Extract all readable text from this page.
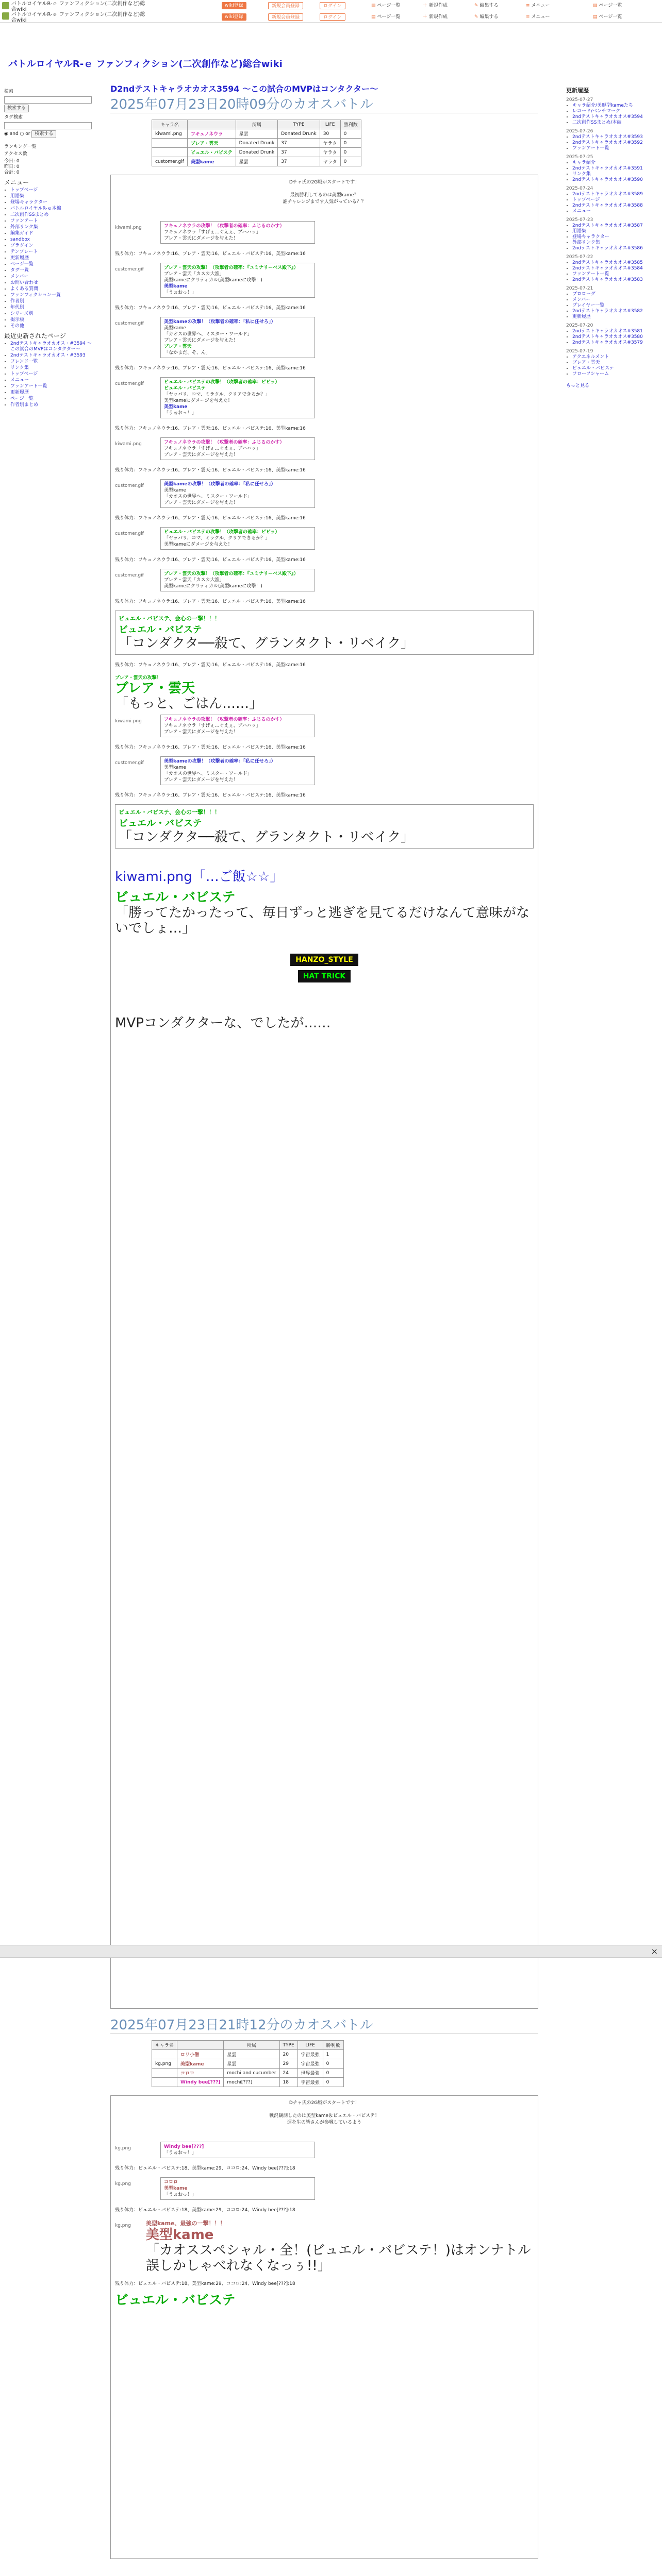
バトルロイヤルR-ｅ ファンフィクション(二次創作など)総合wiki
バトルロイヤルR-ｅ ファンフィクション(二次創作など)総合wiki
wiki登録	新規会員登録	ログイン	▤ ページ一覧	＋ 新規作成	✎ 編集する	≡ メニュー	▤ ページ一覧
wiki登録	新規会員登録	ログイン	▤ ページ一覧	＋ 新規作成	✎ 編集する	≡ メニュー	▤ ページ一覧
バトルロイヤルR-ｅ ファンフィクション(二次創作など)総合wiki
検索
検索する
タグ検索
◉ and ○ or 検索する
ランキング一覧
アクセス数
今日: 0
昨日: 0
合計: 0
メニュー
• トップページ
• 用語集
• 登場キャラクター
• バトルロイヤルR-ｅ本編
• 二次創作SSまとめ
• ファンアート
• 外部リンク集
• 編集ガイド
• sandbox
• プラグイン
• テンプレート
• 更新履歴
• ページ一覧
• タグ一覧
• メンバー
• お問い合わせ
• よくある質問
• ファンフィクション一覧
• 作者別
• 年代別
• シリーズ別
• 掲示板
• その他
最近更新されたページ
• 2ndテストキャラオカオス・#3594 ～この試合のMVPはコンタクター～
• 2ndテストキャラオカオス・#3593
• フレンド一覧
• リンク集
• トップページ
• メニュー
• ファンアート一覧
• 更新履歴
• ページ一覧
• 作者別まとめ
更新履歴
2025-07-27
• キャラ紹介/美形型kameたち
• レコード/ベンチマーク
• 2ndテストキャラオカオス#3594
• 二次創作SSまとめ/本編
2025-07-26
• 2ndテストキャラオカオス#3593
• 2ndテストキャラオカオス#3592
• ファンアート一覧
2025-07-25
• キャラ紹介
• 2ndテストキャラオカオス#3591
• リンク集
• 2ndテストキャラオカオス#3590
2025-07-24
• 2ndテストキャラオカオス#3589
• トップページ
• 2ndテストキャラオカオス#3588
• メニュー
2025-07-23
• 2ndテストキャラオカオス#3587
• 用語集
• 登場キャラクター
• 外部リンク集
• 2ndテストキャラオカオス#3586
2025-07-22
• 2ndテストキャラオカオス#3585
• 2ndテストキャラオカオス#3584
• ファンアート一覧
• 2ndテストキャラオカオス#3583
2025-07-21
• プロローグ
• メンバー
• プレイヤー一覧
• 2ndテストキャラオカオス#3582
• 更新履歴
2025-07-20
• 2ndテストキャラオカオス#3581
• 2ndテストキャラオカオス#3580
• 2ndテストキャラオカオス#3579
2025-07-19
• アクエネルメント
• ブレア・雲天
• ビュエル・バビステ
• フローフシャーム
もっと見る
D2ndテストキャラオカオス3594 ～この試合のMVPはコンタクター～
2025年07月23日20時09分のカオスバトル
キャラ名		所属	TYPE	LIFE	勝利数
kiwami.png	フキュノネウラ	星雲	Donated Drunk	30	0
	ブレア・雲天	Donated Drunk	37	ヤラタ	0
	ビュエル・バビステ	Donated Drunk	37	ヤラタ	0
customer.gif	美型kame	星雲	37	ヤラタ	0
Dチャ氏の2G戦がスタートです！
最初勝利してるのは美型kame？
誰チャレンジまです人気がっている？？
kiwami.png	フキュノネウラの攻撃！（攻撃者の確率：ふじるのかす）
フキュノネウラ「すげぇ…ぐえぇ、ア゙ハハッ」
ブレア・雲天にダメージを与えた！
残り体力：フキュノネウラ:16、ブレア・雲天:16、ビュエル・バビステ:16、美型kame:16
customer.gif	ブレア・雲天の攻撃！（攻撃者の確率：『ユミナリーベス殿下』）
ブレア・雲天「カスカ大漁」
美型kameにクリティカル(美型kameに攻撃！)
美型kame
「うぉおっ！」
残り体力：フキュノネウラ:16、ブレア・雲天:16、ビュエル・バビステ:16、美型kame:16
customer.gif	美型kameの攻撃！（攻撃者の確率：「私に任せろ」）
美型kame
「カオスの世界へ、ミスター・ワールド」
ブレア・雲天にダメージを与えた！
ブレア・雲天
「なかまだ、そ、ん」
残り体力：フキュノネウラ:16、ブレア・雲天:16、ビュエル・バビステ:16、美型kame:16
customer.gif	ビュエル・バビステの攻撃！（攻撃者の確率：ビビッ）
ビュエル・バビステ
「ヤッパリ、コマ、ミラクル、クリアできるか？」
美型kameにダメージを与えた！
美型kame
「うぉおっ！」
残り体力：フキュノネウラ:16、ブレア・雲天:16、ビュエル・バビステ:16、美型kame:16
kiwami.png	フキュノネウラの攻撃！（攻撃者の確率：ふじるのかす）
フキュノネウラ「すげぇ…ぐえぇ、ア゙ハハッ」
ブレア・雲天にダメージを与えた！
残り体力：フキュノネウラ:16、ブレア・雲天:16、ビュエル・バビステ:16、美型kame:16
customer.gif	美型kameの攻撃！（攻撃者の確率：「私に任せろ」）
美型kame
「カオスの世界へ、ミスター・ワールド」
ブレア・雲天にダメージを与えた！
残り体力：フキュノネウラ:16、ブレア・雲天:16、ビュエル・バビステ:16、美型kame:16
customer.gif	ビュエル・バビステの攻撃！（攻撃者の確率：ビビッ）
「ヤッパリ、コマ、ミラクル、クリアできるか？」
美型kameにダメージを与えた！
残り体力：フキュノネウラ:16、ブレア・雲天:16、ビュエル・バビステ:16、美型kame:16
customer.gif	ブレア・雲天の攻撃！（攻撃者の確率：『ユミナリーベス殿下』）
ブレア・雲天「カスカ大漁」
美型kameにクリティカル(美型kameに攻撃！)
残り体力：フキュノネウラ:16、ブレア・雲天:16、ビュエル・バビステ:16、美型kame:16
ビュエル・バビステ、会心の一撃！！！
ビュエル・バビステ
「コンダクタ──殺て、グランタクト・リベイク」
残り体力：フキュノネウラ:16、ブレア・雲天:16、ビュエル・バビステ:16、美型kame:16
ブレア・雲天の攻撃！
ブレア・雲天
「もっと、ごはん……」
kiwami.png	フキュノネウラの攻撃！（攻撃者の確率：ふじるのかす）
フキュノネウラ「すげぇ…ぐえぇ、ア゙ハハッ」
ブレア・雲天にダメージを与えた！
残り体力：フキュノネウラ:16、ブレア・雲天:16、ビュエル・バビステ:16、美型kame:16
customer.gif	美型kameの攻撃！（攻撃者の確率：「私に任せろ」）
美型kame
「カオスの世界へ、ミスター・ワールド」
ブレア・雲天にダメージを与えた！
残り体力：フキュノネウラ:16、ブレア・雲天:16、ビュエル・バビステ:16、美型kame:16
ビュエル・バビステ、会心の一撃！！！
ビュエル・バビステ
「コンダクタ──殺て、グランタクト・リベイク」
kiwami.png「…ご飯☆☆」
ビュエル・バビステ
「勝ってたかったって、毎日ずっと逃ぎを見てるだけなんて意味がないでしょ…」
HANZO_STYLE
HAT TRICK
MVPコンダクターな、でしたが……
2025年07月23日21時12分のカオスバトル
キャラ名		所属	TYPE	LIFE	勝利数
	ロリ小僧	星雲	20	宇宙最強	1
kg.png	美型kame	星雲	29	宇宙最強	0
	コロロ	mochi and cucumber	24	世界最強	0
	Windy bee[???]	mochi[???]	18	宇宙最強	0
Dチャ氏の2G戦がスタートです！
戦況観測したのは美型kame＆ビュエル・バビステ！
運を生の皆さんが参戦しているよう
kg.png	Windy bee[???]
「うぉおっ！」
残り体力：ビュエル・バビステ:18、美型kame:29、ココロ:24、Windy bee[???]:18
kg.png	コロロ
美型kame
「うぉおっ！」
残り体力：ビュエル・バビステ:18、美型kame:29、ココロ:24、Windy bee[???]:18
kg.png	美型kame、最強の一撃！！！
美型kame
「カオススペシャル・全！(ビュエル・バビステ！)はオンナトル誤しかしゃべれなくなっぅ!!」
残り体力：ビュエル・バビステ:18、美型kame:29、ココロ:24、Windy bee[???]:18
ビュエル・バビステ
×
